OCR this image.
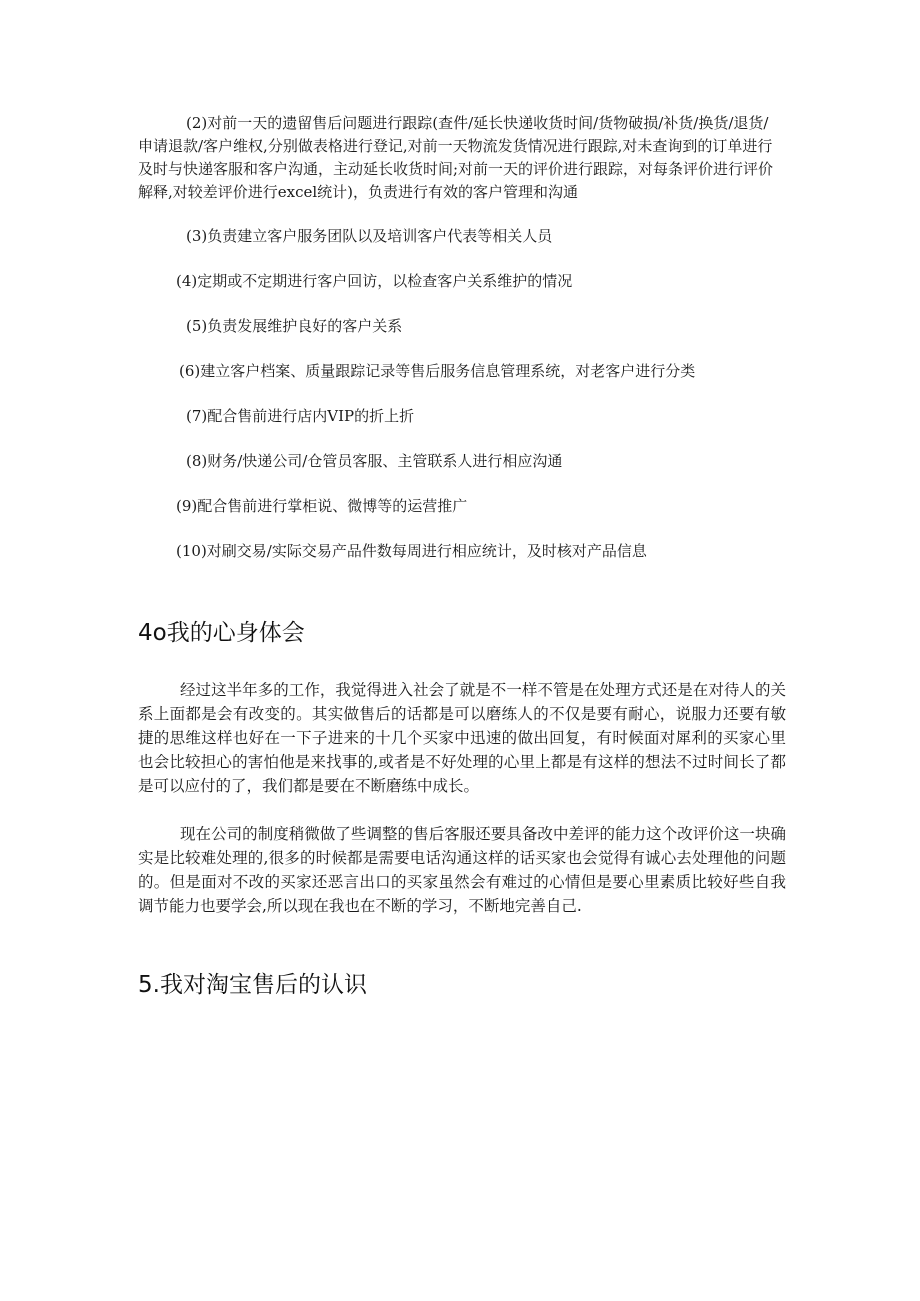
(2)对前一天的遗留售后问题进行跟踪(查件/延长快递收货时间/货物破损/补货/换货/退货/申请退款/客户维权,分别做表格进行登记,对前一天物流发货情况进行跟踪,对未查询到的订单进行及时与快递客服和客户沟通，主动延长收货时间;对前一天的评价进行跟踪，对每条评价进行评价解释,对较差评价进行excel统计)，负责进行有效的客户管理和沟通

(3)负责建立客户服务团队以及培训客户代表等相关人员

(4)定期或不定期进行客户回访，以检查客户关系维护的情况

(5)负责发展维护良好的客户关系

(6)建立客户档案、质量跟踪记录等售后服务信息管理系统，对老客户进行分类

(7)配合售前进行店内VIP的折上折

(8)财务/快递公司/仓管员客服、主管联系人进行相应沟通

(9)配合售前进行掌柜说、微博等的运营推广

(10)对刷交易/实际交易产品件数每周进行相应统计，及时核对产品信息

4o我的心身体会

经过这半年多的工作，我觉得进入社会了就是不一样不管是在处理方式还是在对待人的关系上面都是会有改变的。其实做售后的话都是可以磨练人的不仅是要有耐心，说服力还要有敏捷的思维这样也好在一下子进来的十几个买家中迅速的做出回复，有时候面对犀利的买家心里也会比较担心的害怕他是来找事的,或者是不好处理的心里上都是有这样的想法不过时间长了都是可以应付的了，我们都是要在不断磨练中成长。

现在公司的制度稍微做了些调整的售后客服还要具备改中差评的能力这个改评价这一块确实是比较难处理的,很多的时候都是需要电话沟通这样的话买家也会觉得有诚心去处理他的问题的。但是面对不改的买家还恶言出口的买家虽然会有难过的心情但是要心里素质比较好些自我调节能力也要学会,所以现在我也在不断的学习，不断地完善自己.

5.我对淘宝售后的认识
